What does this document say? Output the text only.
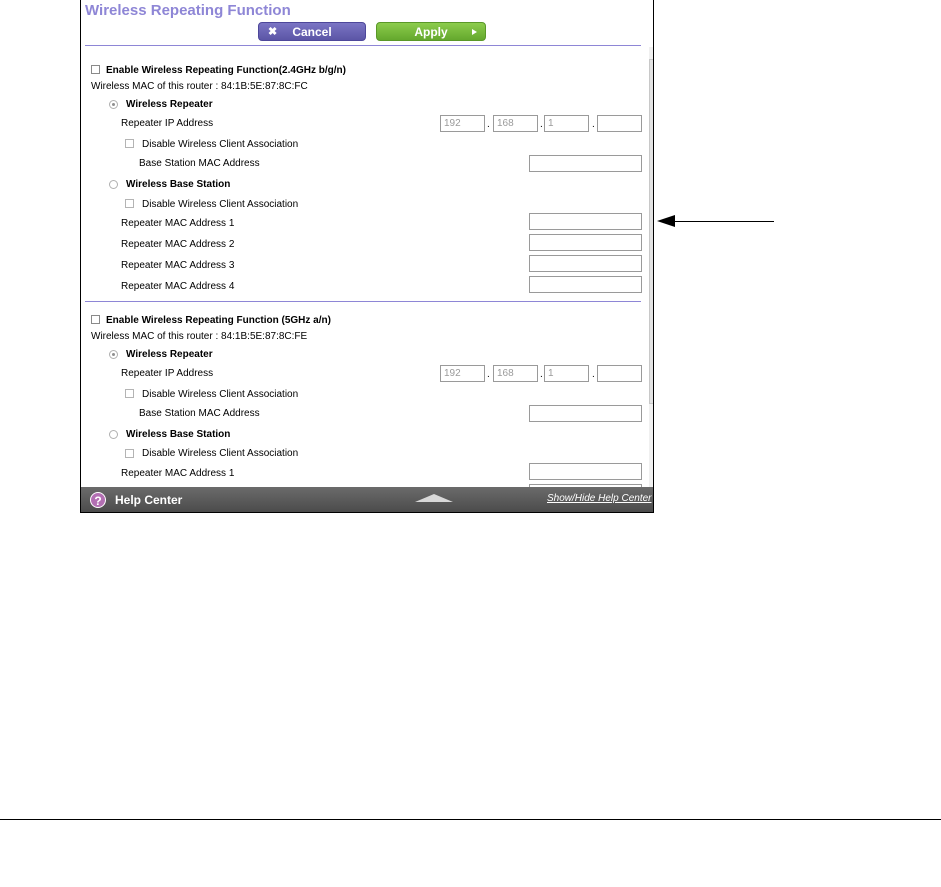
Wireless Repeating Function
✖	Cancel	Apply
Enable Wireless Repeating Function(2.4GHz b/g/n)
Wireless MAC of this router : 84:1B:5E:87:8C:FC
Wireless Repeater
Repeater IP Address	192	. 168	. 1	.
Disable Wireless Client Association
Base Station MAC Address
Wireless Base Station
Disable Wireless Client Association
Repeater MAC Address 1
Repeater MAC Address 2
Repeater MAC Address 3
Repeater MAC Address 4
Enable Wireless Repeating Function (5GHz a/n)
Wireless MAC of this router : 84:1B:5E:87:8C:FE
Wireless Repeater
Repeater IP Address	192	. 168	. 1	.
Disable Wireless Client Association
Base Station MAC Address
Wireless Base Station
Disable Wireless Client Association
Repeater MAC Address 1
?	Help Center	Show/Hide Help Center
